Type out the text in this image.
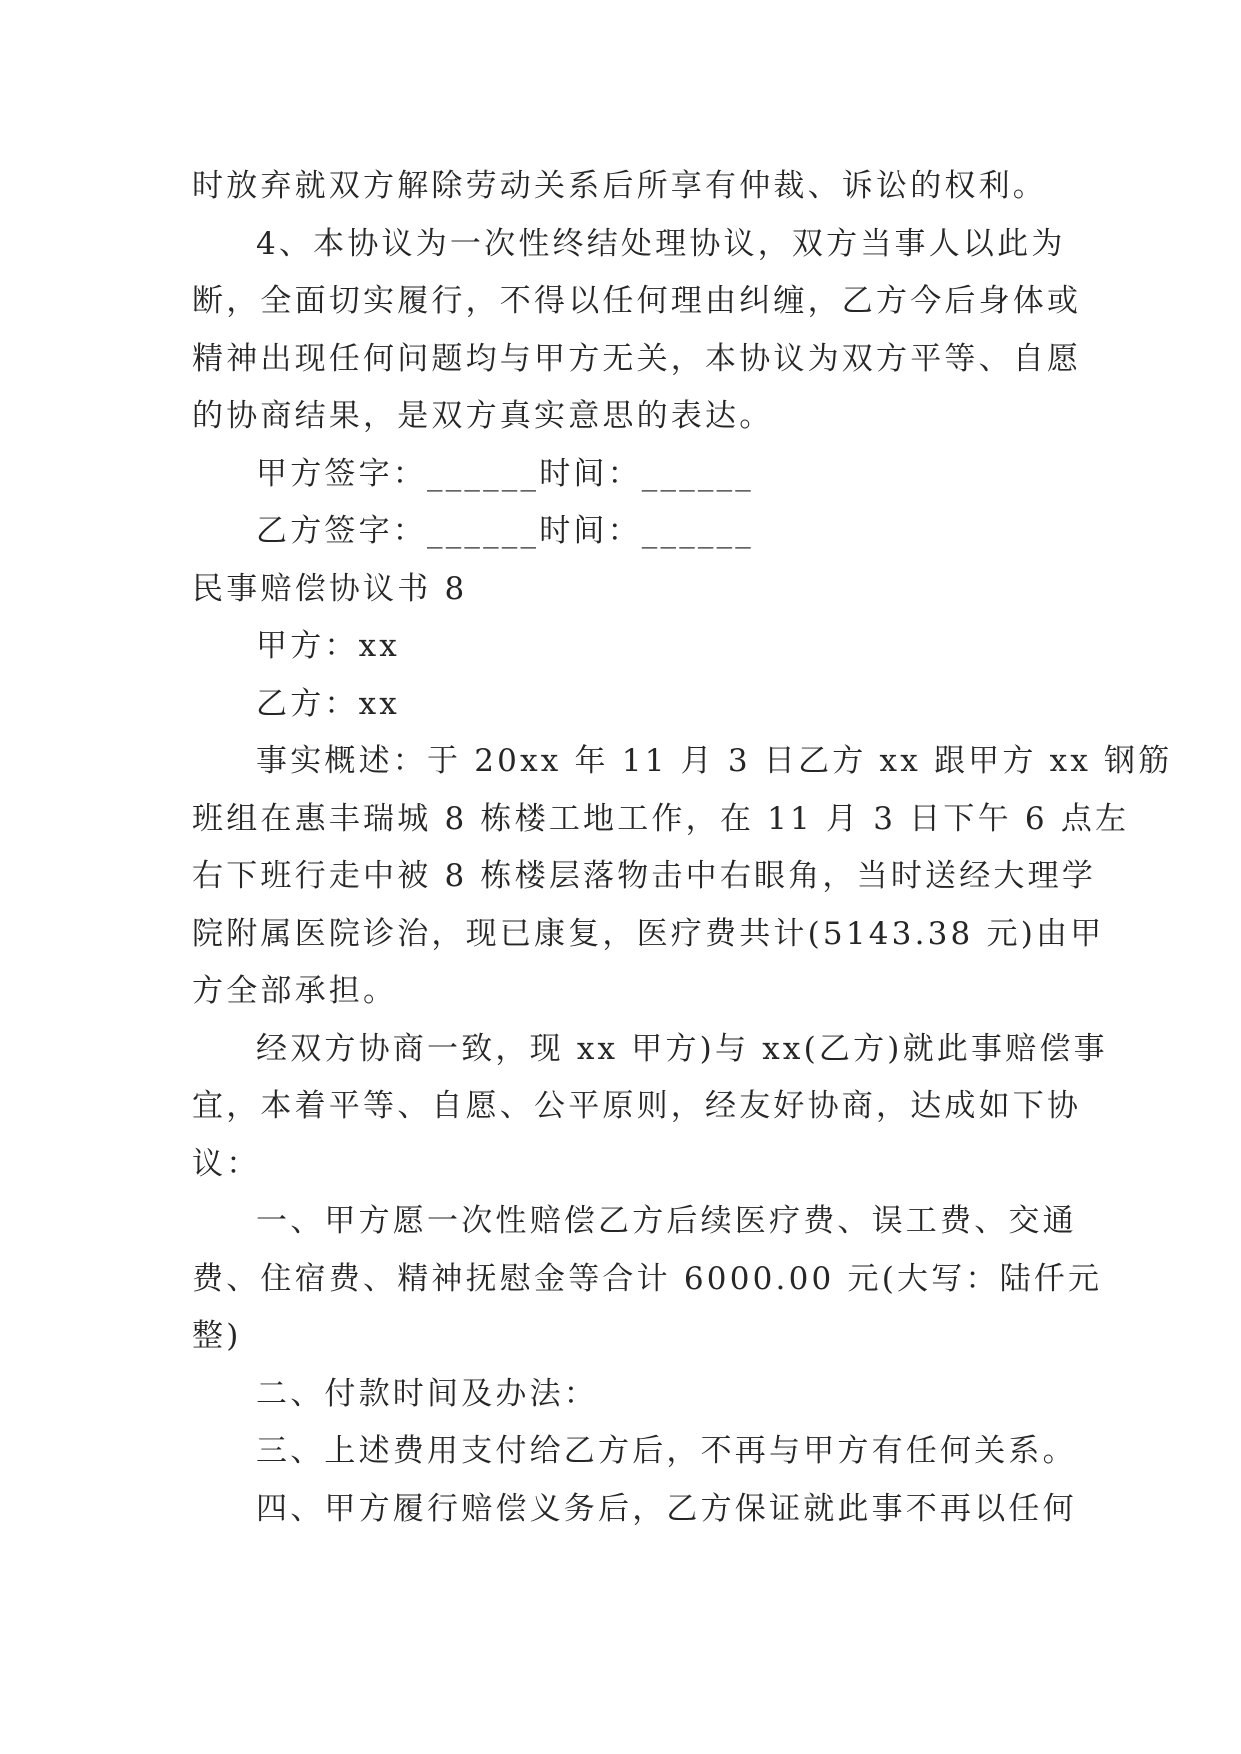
时放弃就双方解除劳动关系后所享有仲裁、诉讼的权利。
4、本协议为一次性终结处理协议，双方当事人以此为
断，全面切实履行，不得以任何理由纠缠，乙方今后身体或
精神出现任何问题均与甲方无关，本协议为双方平等、自愿
的协商结果，是双方真实意思的表达。
甲方签字：______时间：______
乙方签字：______时间：______
民事赔偿协议书 8
甲方：xx
乙方：xx
事实概述：于 20xx 年 11 月 3 日乙方 xx 跟甲方 xx 钢筋
班组在惠丰瑞城 8 栋楼工地工作，在 11 月 3 日下午 6 点左
右下班行走中被 8 栋楼层落物击中右眼角，当时送经大理学
院附属医院诊治，现已康复，医疗费共计(5143.38 元)由甲
方全部承担。
经双方协商一致，现 xx 甲方)与 xx(乙方)就此事赔偿事
宜，本着平等、自愿、公平原则，经友好协商，达成如下协
议：
一、甲方愿一次性赔偿乙方后续医疗费、误工费、交通
费、住宿费、精神抚慰金等合计 6000.00 元(大写：陆仟元
整)
二、付款时间及办法：
三、上述费用支付给乙方后，不再与甲方有任何关系。
四、甲方履行赔偿义务后，乙方保证就此事不再以任何
